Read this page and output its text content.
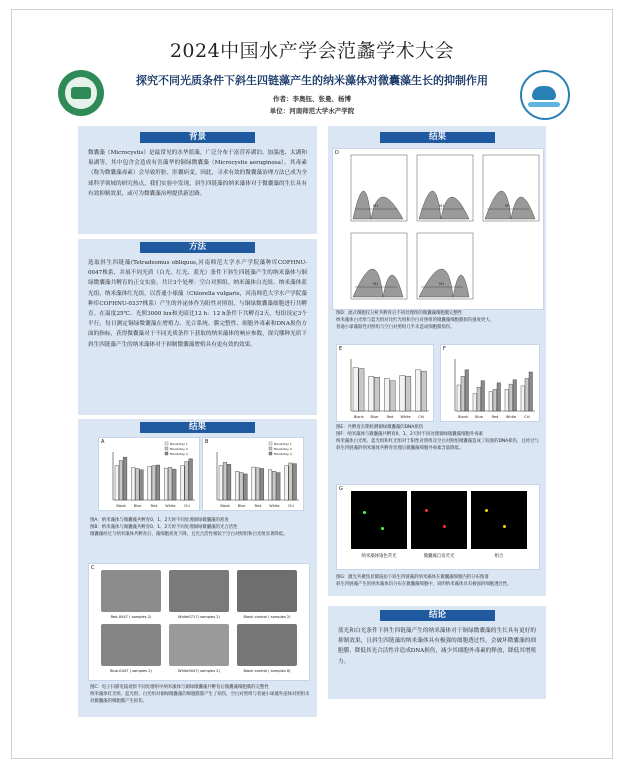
2024中国水产学会范蠡学术大会
探究不同光质条件下斜生四链藻产生的纳米藻体对微囊藻生长的抑制作用
作者：李奥钰、张曼、杨博
单位：河南师范大学水产学院
背景
微囊藻（Microcystis）是最常见的水华蓝藻，广泛分布于富营养湖泊、加湍池、太湖和巢湖等，其中包含会造成有害藻华的铜绿微囊藻（Microcystis aeruginosa），其毒素（称为微囊藻毒素）会导致肝脏、肝囊病变。因此，寻求有效的微囊藻治理方法已成为全球科学领域的研究热点，我们实验中发现，斜生四链藻的纳米藻体对于微囊藻的生长具有有效抑制效果，或可为微囊藻治理提供新思路。
方法
选取斜生四链藻(Tetradesmus obliquus,河南师范大学水产学院藻种库COFHNU-0047株系，并展不同光质（白光、红光、蓝光）条件下斜生四链藻产生的纳米藻体与铜绿微囊藻共孵育的正交实验。共计3个处理：空白对照组、纳米藻体白光组、纳米藻体蓝光组、纳米藻体红光组，以普通小球藻（Chlorella vulgaris，河南师范大学水产学院藻种库COFHNU-0337株系）产生的外泌体作为阳性对照组，与铜绿微囊藻细胞进行共孵育。在温度25℃、光照3000 lux和光暗比12 h：12 h条件下共孵育2天，每组设定3个平行，每日测定铜绿微囊藻在增殖力、光合系统、膜完整性、细胞外毒素和DNA损伤方面的指标，获得微囊藻对于不同光质条件下获取的纳米藻体的响应参数，探究哪种光质下斜生四链藻产生的纳米藻体对于抑制微囊藻增殖具有更有效的效果。
结果
A
Blank Blue	Red White Chl
Blank/day 1
Blank/day 2
Blank/day 3
B
Blank Blue	Red White Chl
Blank/day 1
Blank/day 2
Blank/day 3
图A：纳米藻体与微囊藻共孵育0、1、2天时不同处理铜绿微囊藻的密度
图B：纳米藻体与微囊藻共孵育0、1、2天时不同处理铜绿微囊藻的光合活性
微囊藻经过与纳米藻体共孵育后，藻细胞密度下降，且光合活性相较于空白对照组和白光组显著降低。
C
Red-0047 ( samples 2)	White0717( samples 2)	Blank control ( samples 2)
Blue-0047 ( samples 2)	White0047( samples 2)	Blank control ( samples 8)
图C：电子扫描电镜观察不同处理组中纳米藻体与铜绿微囊藻共孵育后微囊藻细胞膜的完整性
纳米藻体红光组、蓝光组、白光组对铜绿微囊藻的细胞膜都产生了损伤，空白对照组与普通小球藻外泌体对照组未对微囊藻的细胞膜产生损伤。
结果
D
M1	M1	M1
M1	M1
图D：流式细胞仪分析共孵育后不同处理组的微囊藻细胞膜完整性
纳米藻体白光组与蓝光组对比红光组和空白对照组的微囊藻细胞膜损伤强度更大，
普通小球藻阳性对照组与空白对照组几乎未造成细胞膜损伤。
E
Blank Blue Red White Chl
F
Blank Blue	Red White Chl
图E：共孵育长期检测铜绿微囊藻的DNA损伤
图F：纳米藻体与微囊藻共孵育0、1、2天时不同处理铜绿微囊藻细胞外毒素
纳米藻体白光组、蓝光组和红光组对于阳性对照组及空白对照组微囊藻造成了较强的DNA损伤，且经过与斜生四链藻的纳米藻体共孵育处理后微囊藻细胞外毒素含量降低。
G
纳米藻体染色荧光	微囊藻自发荧光	组合
图G：激光共聚焦显微镜拍下斜生四链藻的纳米藻体在微囊藻细胞内的分布图谱
斜生四链藻产生的纳米藻体均分布在微囊藻细胞中，说明纳米藻体具有极强的细胞透过性。
结论
蓝光和白光条件下斜生四链藻产生的纳米藻体对于铜绿微囊藻的生长具有更好的抑制效果，且斜生四链藻的纳米藻体具有极强的细胞透过性，会破坏微囊藻的细胞膜，降低其光合活性并造成DNA损伤，减少其细胞外毒素的释放，降低其增殖力。
